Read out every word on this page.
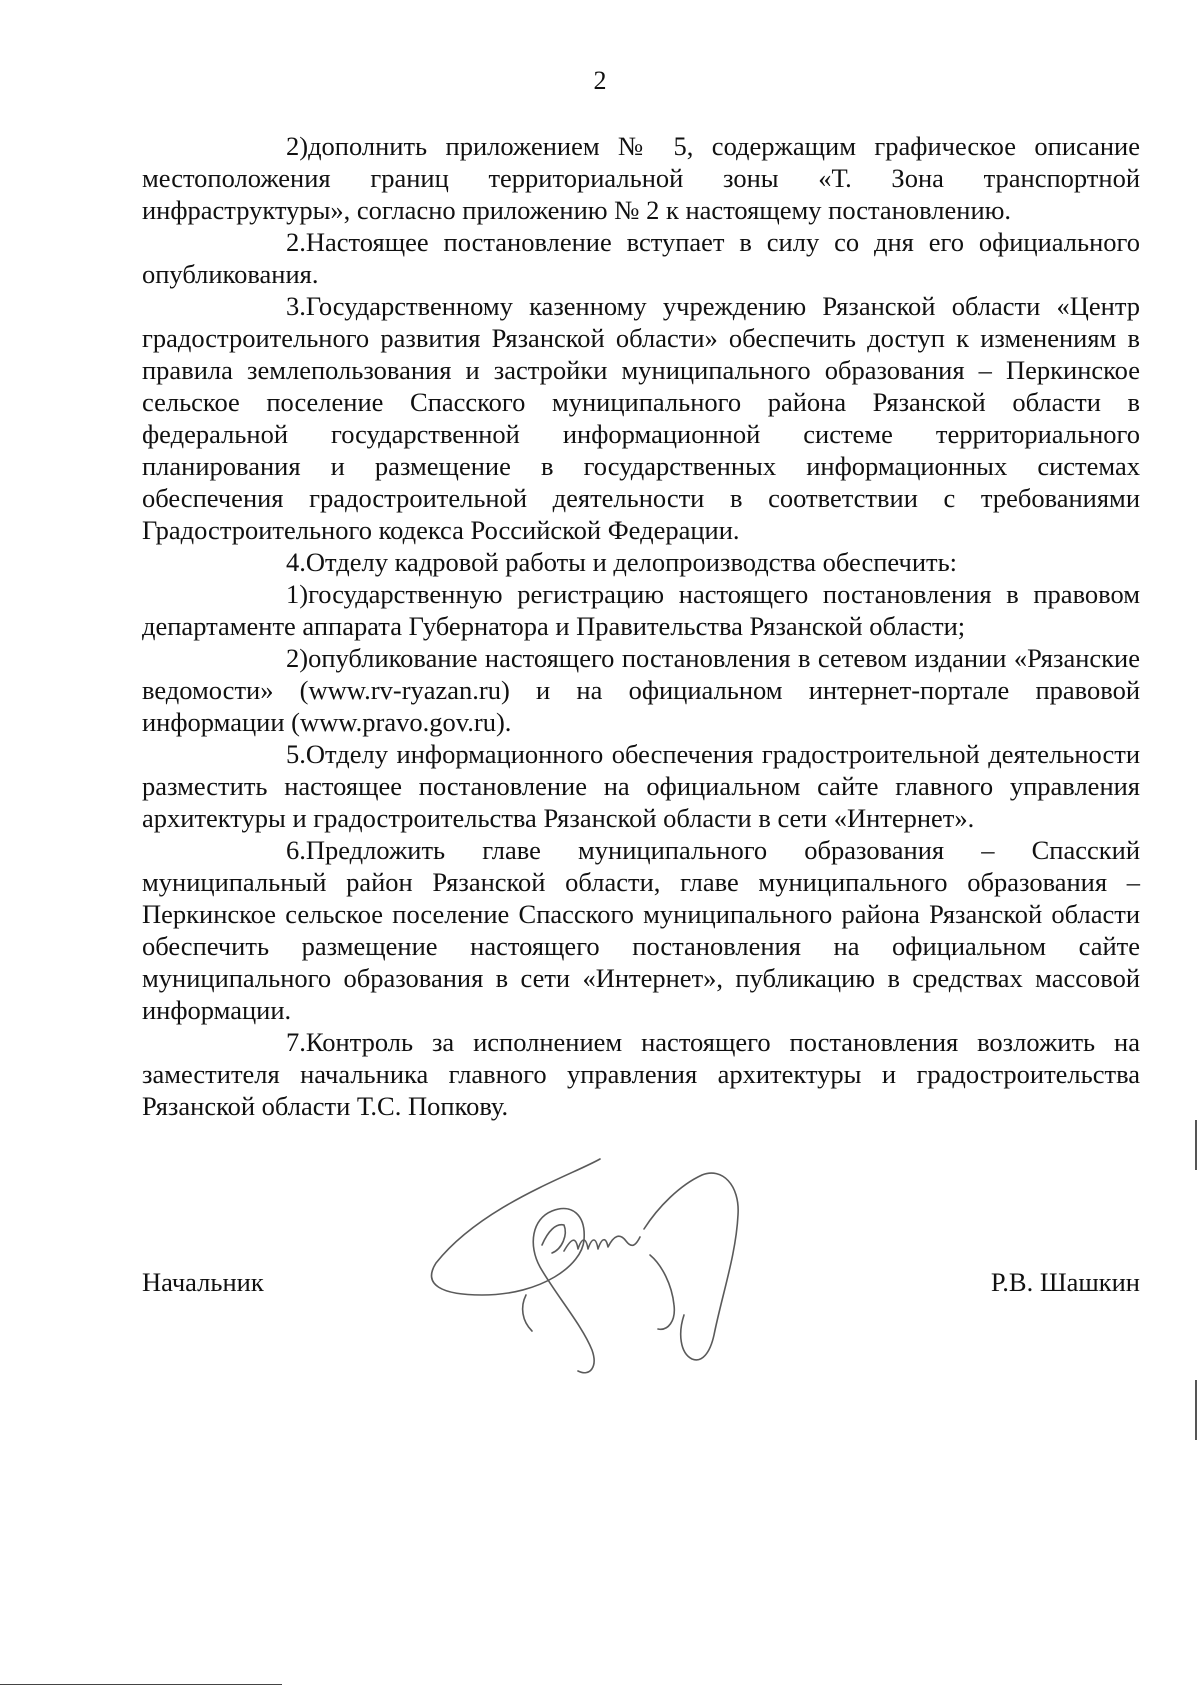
2

2)дополнить приложением № 5, содержащим графическое описание местоположения границ территориальной зоны «Т. Зона транспортной инфраструктуры», согласно приложению № 2 к настоящему постановлению.

2.Настоящее постановление вступает в силу со дня его официального опубликования.

3.Государственному казенному учреждению Рязанской области «Центр градостроительного развития Рязанской области» обеспечить доступ к изменениям в правила землепользования и застройки муниципального образования – Перкинское сельское поселение Спасского муниципального района Рязанской области в федеральной государственной информационной системе территориального планирования и размещение в государственных информационных системах обеспечения градостроительной деятельности в соответствии с требованиями Градостроительного кодекса Российской Федерации.

4.Отделу кадровой работы и делопроизводства обеспечить:

1)государственную регистрацию настоящего постановления в правовом департаменте аппарата Губернатора и Правительства Рязанской области;

2)опубликование настоящего постановления в сетевом издании «Рязанские ведомости» (www.rv-ryazan.ru) и на официальном интернет-портале правовой информации (www.pravo.gov.ru).

5.Отделу информационного обеспечения градостроительной деятельности разместить настоящее постановление на официальном сайте главного управления архитектуры и градостроительства Рязанской области в сети «Интернет».

6.Предложить главе муниципального образования – Спасский муниципальный район Рязанской области, главе муниципального образования – Перкинское сельское поселение Спасского муниципального района Рязанской области обеспечить размещение настоящего постановления на официальном сайте муниципального образования в сети «Интернет», публикацию в средствах массовой информации.

7.Контроль за исполнением настоящего постановления возложить на заместителя начальника главного управления архитектуры и градостроительства Рязанской области Т.С. Попкову.

Начальник	Р.В. Шашкин
